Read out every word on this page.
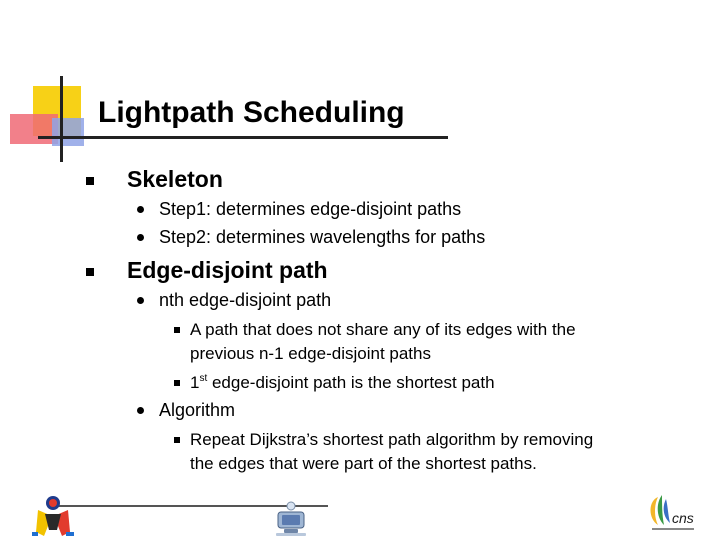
Lightpath Scheduling
Skeleton
Step1: determines edge-disjoint paths
Step2: determines wavelengths for paths
Edge-disjoint path
nth edge-disjoint path
A path that does not share any of its edges with the
previous n-1 edge-disjoint paths
1st edge-disjoint path is the shortest path
Algorithm
Repeat Dijkstra’s shortest path algorithm by removing
the edges that were part of the shortest paths.
cns
